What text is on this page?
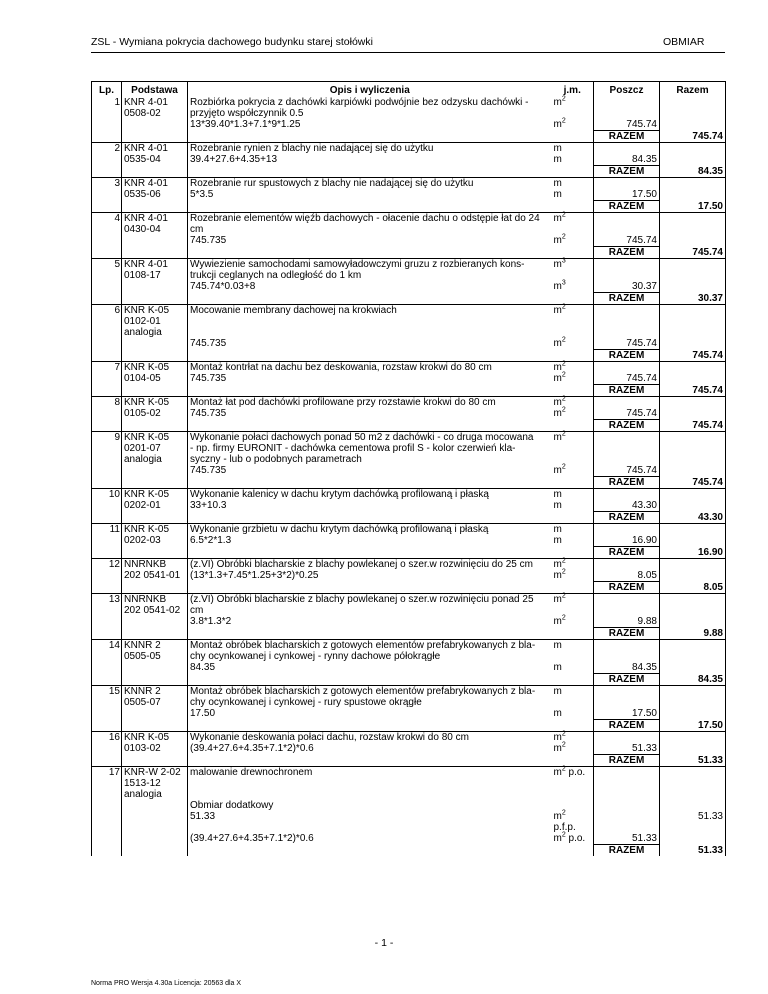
ZSL - Wymiana pokrycia dachowego budynku starej stołówki	OBMIAR
Lp.	Podstawa	Opis i wyliczenia	j.m.	Poszcz	Razem
1	KNR 4-01	Rozbiórka pokrycia z dachówki karpiówki podwójnie bez odzysku dachówki -	$m^2$		
	0508-02	przyjęto współczynnik 0.5			
		13*39.40*1.3+7.1*9*1.25	$m^2$	745.74	
				RAZEM	745.74
2	KNR 4-01	Rozebranie rynien z blachy nie nadającej się do użytku	m		
	0535-04	39.4+27.6+4.35+13	m	84.35	
				RAZEM	84.35
3	KNR 4-01	Rozebranie rur spustowych z blachy nie nadającej się do użytku	m		
	0535-06	5*3.5	m	17.50	
				RAZEM	17.50
4	KNR 4-01	Rozebranie elementów więźb dachowych - ołacenie dachu o odstępie łat do 24	$m^2$		
	0430-04	cm			
		745.735	$m^2$	745.74	
				RAZEM	745.74
5	KNR 4-01	Wywiezienie samochodami samowyładowczymi gruzu z rozbieranych kons-	$m^3$		
	0108-17	trukcji ceglanych na odległość do 1 km			
		745.74*0.03+8	$m^3$	30.37	
				RAZEM	30.37
6	KNR K-05	Mocowanie membrany dachowej na krokwiach	$m^2$		
	0102-01				
	analogia				
		745.735	$m^2$	745.74	
				RAZEM	745.74
7	KNR K-05	Montaż kontrłat na dachu bez deskowania, rozstaw krokwi do 80 cm	$m^2$		
	0104-05	745.735	$m^2$	745.74	
				RAZEM	745.74
8	KNR K-05	Montaż łat pod dachówki profilowane przy rozstawie krokwi do 80 cm	$m^2$		
	0105-02	745.735	$m^2$	745.74	
				RAZEM	745.74
9	KNR K-05	Wykonanie połaci dachowych ponad 50 m2 z dachówki - co druga mocowana	$m^2$		
	0201-07	- np. firmy EURONIT - dachówka cementowa profil S - kolor czerwień kla-			
	analogia	syczny - lub o podobnych parametrach			
		745.735	$m^2$	745.74	
				RAZEM	745.74
10	KNR K-05	Wykonanie kalenicy w dachu krytym dachówką profilowaną i płaską	m		
	0202-01	33+10.3	m	43.30	
				RAZEM	43.30
11	KNR K-05	Wykonanie grzbietu w dachu krytym dachówką profilowaną i płaską	m		
	0202-03	6.5*2*1.3	m	16.90	
				RAZEM	16.90
12	NNRNKB	(z.VI) Obróbki blacharskie z blachy powlekanej o szer.w rozwinięciu do 25 cm	$m^2$		
	202 0541-01	(13*1.3+7.45*1.25+3*2)*0.25	$m^2$	8.05	
				RAZEM	8.05
13	NNRNKB	(z.VI) Obróbki blacharskie z blachy powlekanej o szer.w rozwinięciu ponad 25	$m^2$		
	202 0541-02	cm			
		3.8*1.3*2	$m^2$	9.88	
				RAZEM	9.88
14	KNNR 2	Montaż obróbek blacharskich z gotowych elementów prefabrykowanych z bla-	m		
	0505-05	chy ocynkowanej i cynkowej - rynny dachowe półokrągłe			
		84.35	m	84.35	
				RAZEM	84.35
15	KNNR 2	Montaż obróbek blacharskich z gotowych elementów prefabrykowanych z bla-	m		
	0505-07	chy ocynkowanej i cynkowej - rury spustowe okrągłe			
		17.50	m	17.50	
				RAZEM	17.50
16	KNR K-05	Wykonanie deskowania połaci dachu, rozstaw krokwi do 80 cm	$m^2$		
	0103-02	(39.4+27.6+4.35+7.1*2)*0.6	$m^2$	51.33	
				RAZEM	51.33
17	KNR-W 2-02	malowanie drewnochronem	$m^2$ p.o.		
	1513-12				
	analogia				

		Obmiar dodatkowy			
		51.33	$m^2$		51.33
			p.f.p.		

		(39.4+27.6+4.35+7.1*2)*0.6	$m^2$ p.o.	51.33	
				RAZEM	51.33
- 1 -
Norma PRO Wersja 4.30a Licencja: 20563 dla X
